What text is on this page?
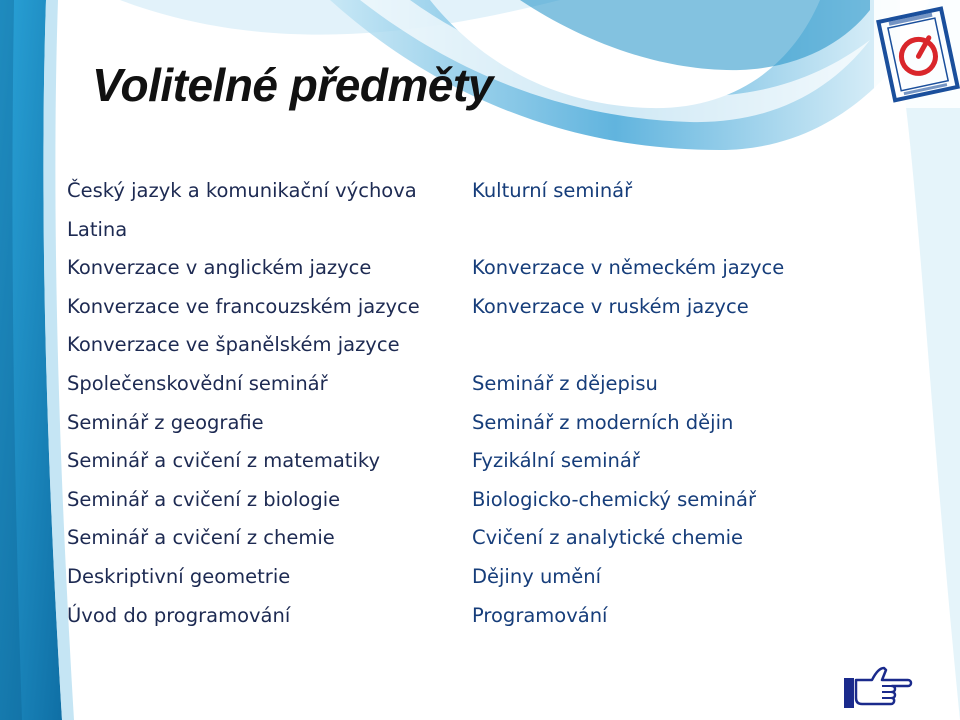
Volitelné předměty
Český jazyk a komunikační výchova
Latina
Konverzace v anglickém jazyce
Konverzace ve francouzském jazyce
Konverzace ve španělském jazyce
Společenskovědní seminář
Seminář z geografie
Seminář a cvičení z matematiky
Seminář a cvičení z biologie
Seminář a cvičení z chemie
Deskriptivní geometrie
Úvod do programování
Kulturní seminář
Konverzace v německém jazyce
Konverzace v ruském jazyce
Seminář z dějepisu
Seminář z moderních dějin
Fyzikální seminář
Biologicko-chemický seminář
Cvičení z analytické chemie
Dějiny umění
Programování
